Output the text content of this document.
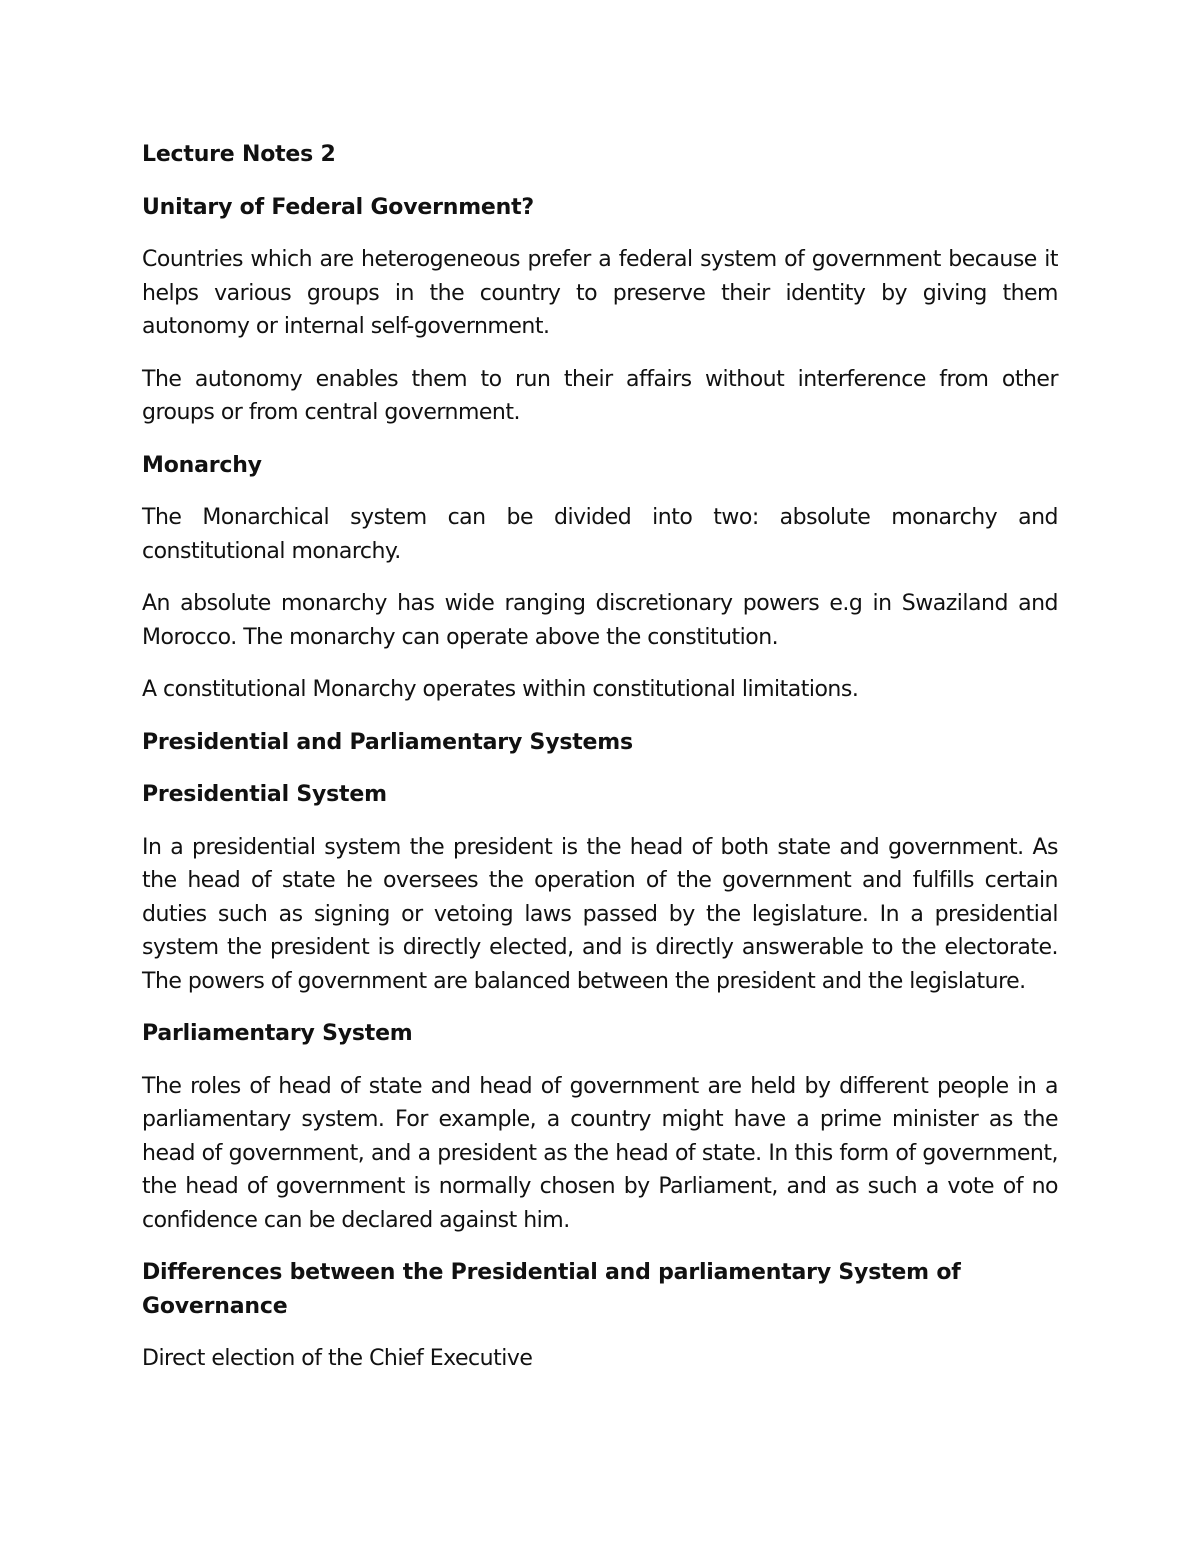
Lecture Notes 2
Unitary of Federal Government?
Countries which are heterogeneous prefer a federal system of government because it helps various groups in the country to preserve their identity by giving them autonomy or internal self-government.
The autonomy enables them to run their affairs without interference from other groups or from central government.
Monarchy
The Monarchical system can be divided into two: absolute monarchy and constitutional monarchy.
An absolute monarchy has wide ranging discretionary powers e.g in Swaziland and Morocco. The monarchy can operate above the constitution.
A constitutional Monarchy operates within constitutional limitations.
Presidential and Parliamentary Systems
Presidential System
In a presidential system the president is the head of both state and government. As the head of state he oversees the operation of the government and fulfills certain duties such as signing or vetoing laws passed by the legislature. In a presidential system the president is directly elected, and is directly answerable to the electorate. The powers of government are balanced between the president and the legislature.
Parliamentary System
The roles of head of state and head of government are held by different people in a parliamentary system. For example, a country might have a prime minister as the head of government, and a president as the head of state. In this form of government, the head of government is normally chosen by Parliament, and as such a vote of no confidence can be declared against him.
Differences between the Presidential and parliamentary System of Governance
Direct election of the Chief Executive
